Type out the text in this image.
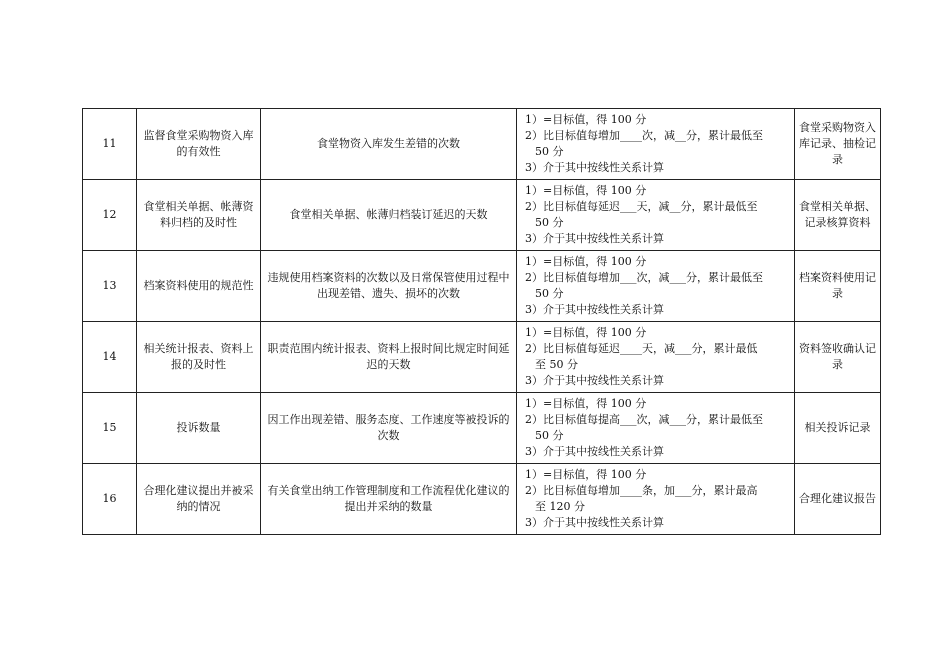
11	监督食堂采购物资入库的有效性	食堂物资入库发生差错的次数	1）=目标值，得 100 分
2）比目标值每增加____次，减__分，累计最低至
50 分
3）介于其中按线性关系计算	食堂采购物资入库记录、抽检记录
12	食堂相关单据、帐薄资料归档的及时性	食堂相关单据、帐薄归档装订延迟的天数	1）=目标值，得 100 分
2）比目标值每延迟___天，减__分，累计最低至
50 分
3）介于其中按线性关系计算	食堂相关单据、记录核算资料
13	档案资料使用的规范性	违规使用档案资料的次数以及日常保管使用过程中出现差错、遗失、损坏的次数	1）=目标值，得 100 分
2）比目标值每增加___次，减___分，累计最低至
50 分
3）介于其中按线性关系计算	档案资料使用记录
14	相关统计报表、资料上报的及时性	职责范围内统计报表、资料上报时间比规定时间延迟的天数	1）=目标值，得 100 分
2）比目标值每延迟____天，减___分，累计最低
至 50 分
3）介于其中按线性关系计算	资料签收确认记录
15	投诉数量	因工作出现差错、服务态度、工作速度等被投诉的次数	1）=目标值，得 100 分
2）比目标值每提高___次，减___分，累计最低至
50 分
3）介于其中按线性关系计算	相关投诉记录
16	合理化建议提出并被采纳的情况	有关食堂出纳工作管理制度和工作流程优化建议的提出并采纳的数量	1）=目标值，得 100 分
2）比目标值每增加____条，加___分，累计最高
至 120 分
3）介于其中按线性关系计算	合理化建议报告
